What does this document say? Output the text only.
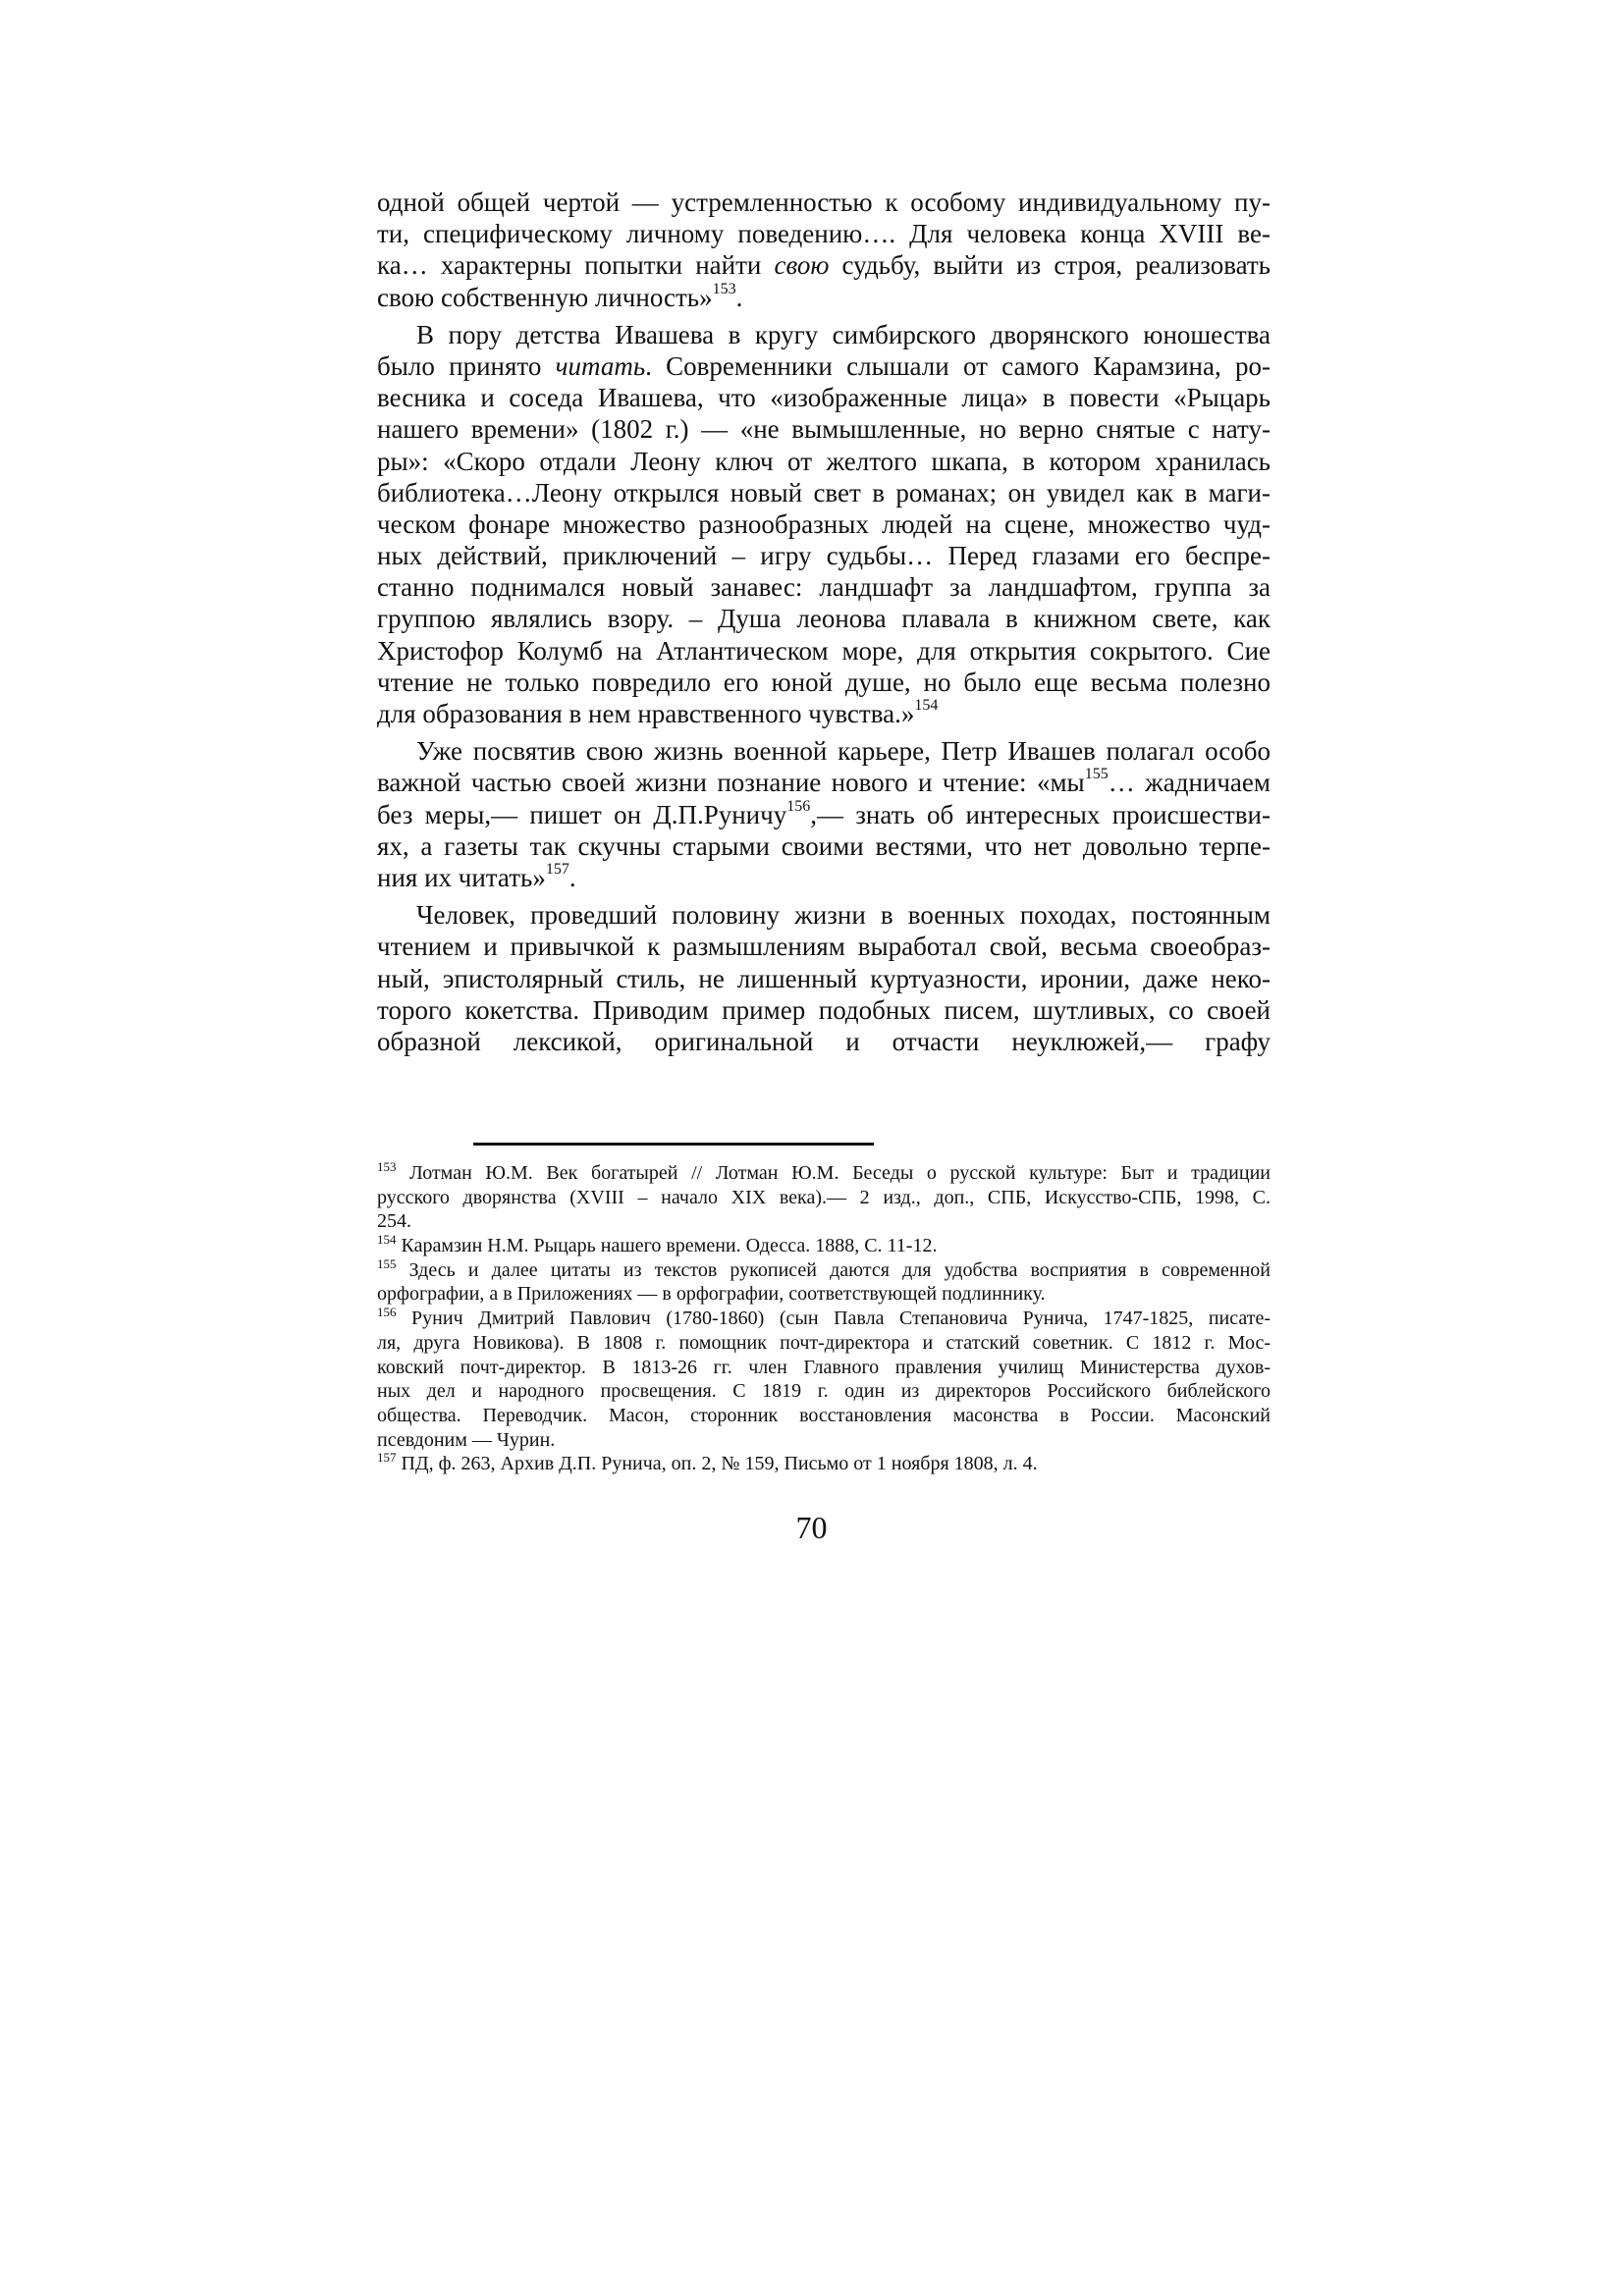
одной общей чертой — устремленностью к особому индивидуальному пу-
ти, специфическому личному поведению…. Для человека конца XVIII ве-
ка… характерны попытки найти свою судьбу, выйти из строя, реализовать
свою собственную личность»$^{153}$.
В пору детства Ивашева в кругу симбирского дворянского юношества
было принято читать. Современники слышали от самого Карамзина, ро-
весника и соседа Ивашева, что «изображенные лица» в повести «Рыцарь
нашего времени» (1802 г.) — «не вымышленные, но верно снятые с нату-
ры»: «Скоро отдали Леону ключ от желтого шкапа, в котором хранилась
библиотека…Леону открылся новый свет в романах; он увидел как в маги-
ческом фонаре множество разнообразных людей на сцене, множество чуд-
ных действий, приключений – игру судьбы… Перед глазами его беспре-
станно поднимался новый занавес: ландшафт за ландшафтом, группа за
группою являлись взору. – Душа леонова плавала в книжном свете, как
Христофор Колумб на Атлантическом море, для открытия сокрытого. Сие
чтение не только повредило его юной душе, но было еще весьма полезно
для образования в нем нравственного чувства.»$^{154}$
Уже посвятив свою жизнь военной карьере, Петр Ивашев полагал особо
важной частью своей жизни познание нового и чтение: «$мы^{155}\dots$ жадничаем
без меры,— пишет он Д.П.Руничу$^{156}$,— знать об интересных происшестви-
ях, а газеты так скучны старыми своими вестями, что нет довольно терпе-
ния их читать»$^{157}$.
Человек, проведший половину жизни в военных походах, постоянным
чтением и привычкой к размышлениям выработал свой, весьма своеобраз-
ный, эпистолярный стиль, не лишенный куртуазности, иронии, даже неко-
торого кокетства. Приводим пример подобных писем, шутливых, со своей
образной лексикой, оригинальной и отчасти неуклюжей,— графу
$^{153}$ Лотман Ю.М. Век богатырей // Лотман Ю.М. Беседы о русской культуре: Быт и традиции
русского дворянства (XVIII – начало XIX века).— 2 изд., доп., СПБ, Искусство-СПБ, 1998, С.
254.
$^{154}$ Карамзин Н.М. Рыцарь нашего времени. Одесса. 1888, С. 11-12.
$^{155}$ Здесь и далее цитаты из текстов рукописей даются для удобства восприятия в современной
орфографии, а в Приложениях — в орфографии, соответствующей подлиннику.
$^{156}$ Рунич Дмитрий Павлович (1780-1860) (сын Павла Степановича Рунича, 1747-1825, писате-
ля, друга Новикова). В 1808 г. помощник почт-директора и статский советник. С 1812 г. Мос-
ковский почт-директор. В 1813-26 гг. член Главного правления училищ Министерства духов-
ных дел и народного просвещения. С 1819 г. один из директоров Российского библейского
общества. Переводчик. Масон, сторонник восстановления масонства в России. Масонский
псевдоним — Чурин.
$^{157}$ ПД, ф. 263, Архив Д.П. Рунича, оп. 2, № 159, Письмо от 1 ноября 1808, л. 4.
70
